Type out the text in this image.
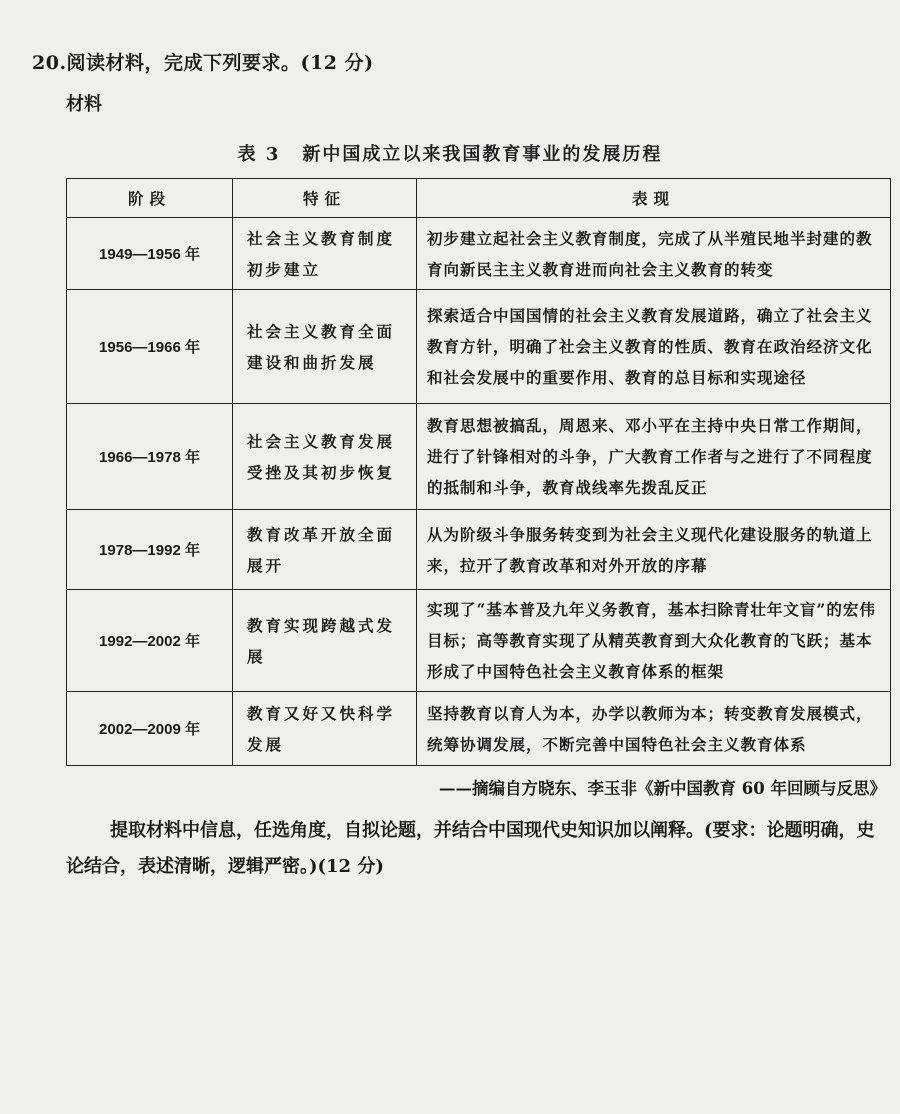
20.阅读材料，完成下列要求。(12 分)
材料
表 3 新中国成立以来我国教育事业的发展历程
阶段	特征	表现
1949—1956 年	社会主义教育制度初步建立	初步建立起社会主义教育制度，完成了从半殖民地半封建的教育向新民主主义教育进而向社会主义教育的转变
1956—1966 年	社会主义教育全面建设和曲折发展	探索适合中国国情的社会主义教育发展道路，确立了社会主义教育方针，明确了社会主义教育的性质、教育在政治经济文化和社会发展中的重要作用、教育的总目标和实现途径
1966—1978 年	社会主义教育发展受挫及其初步恢复	教育思想被搞乱，周恩来、邓小平在主持中央日常工作期间，进行了针锋相对的斗争，广大教育工作者与之进行了不同程度的抵制和斗争，教育战线率先拨乱反正
1978—1992 年	教育改革开放全面展开	从为阶级斗争服务转变到为社会主义现代化建设服务的轨道上来，拉开了教育改革和对外开放的序幕
1992—2002 年	教育实现跨越式发展	实现了“基本普及九年义务教育，基本扫除青壮年文盲”的宏伟目标；高等教育实现了从精英教育到大众化教育的飞跃；基本形成了中国特色社会主义教育体系的框架
2002—2009 年	教育又好又快科学发展	坚持教育以育人为本，办学以教师为本；转变教育发展模式，统筹协调发展，不断完善中国特色社会主义教育体系
——摘编自方晓东、李玉非《新中国教育 60 年回顾与反思》
提取材料中信息，任选角度，自拟论题，并结合中国现代史知识加以阐释。(要求：论题明确，史论结合，表述清晰，逻辑严密。)(12 分)
